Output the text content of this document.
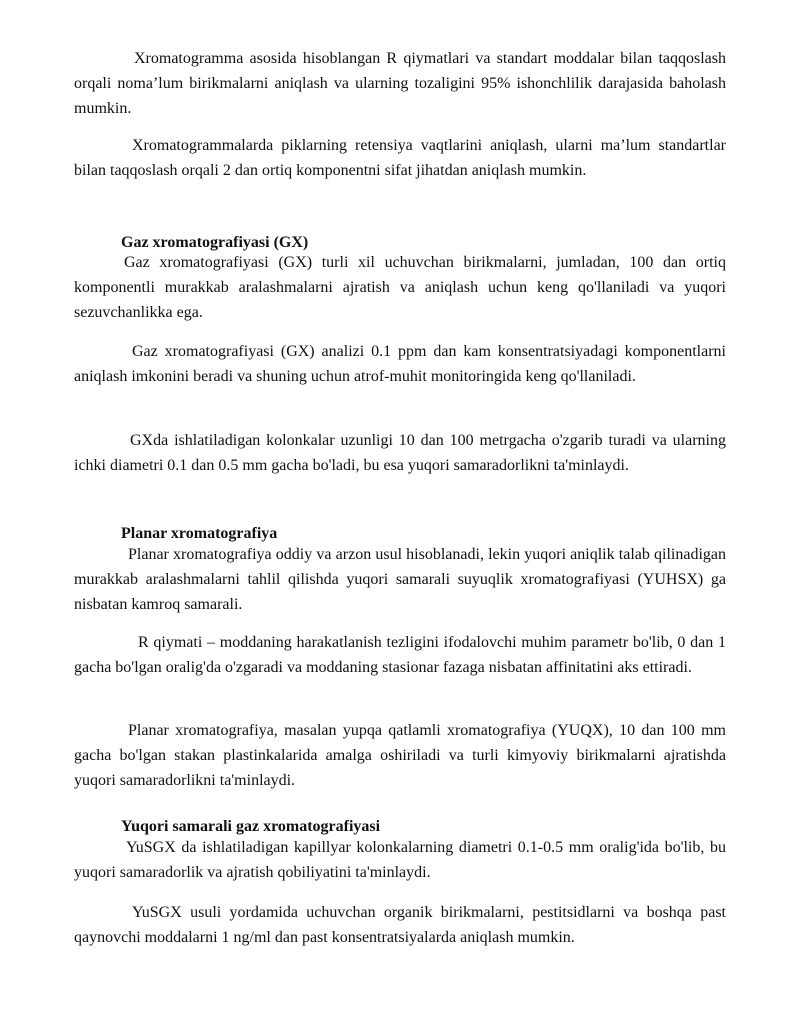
Xromatogramma asosida hisoblangan R qiymatlari va standart moddalar bilan taqqoslash orqali noma’lum birikmalarni aniqlash va ularning tozaligini 95% ishonchlilik darajasida baholash mumkin.

Xromatogrammalarda piklarning retensiya vaqtlarini aniqlash, ularni ma’lum standartlar bilan taqqoslash orqali 2 dan ortiq komponentni sifat jihatdan aniqlash mumkin.

Gaz xromatografiyasi (GX)

Gaz xromatografiyasi (GX) turli xil uchuvchan birikmalarni, jumladan, 100 dan ortiq komponentli murakkab aralashmalarni ajratish va aniqlash uchun keng qo'llaniladi va yuqori sezuvchanlikka ega.

Gaz xromatografiyasi (GX) analizi 0.1 ppm dan kam konsentratsiyadagi komponentlarni aniqlash imkonini beradi va shuning uchun atrof-muhit monitoringida keng qo'llaniladi.

GXda ishlatiladigan kolonkalar uzunligi 10 dan 100 metrgacha o'zgarib turadi va ularning ichki diametri 0.1 dan 0.5 mm gacha bo'ladi, bu esa yuqori samaradorlikni ta'minlaydi.

Planar xromatografiya

Planar xromatografiya oddiy va arzon usul hisoblanadi, lekin yuqori aniqlik talab qilinadigan murakkab aralashmalarni tahlil qilishda yuqori samarali suyuqlik xromatografiyasi (YUHSX) ga nisbatan kamroq samarali.

R qiymati – moddaning harakatlanish tezligini ifodalovchi muhim parametr bo'lib, 0 dan 1 gacha bo'lgan oralig'da o'zgaradi va moddaning stasionar fazaga nisbatan affinitatini aks ettiradi.

Planar xromatografiya, masalan yupqa qatlamli xromatografiya (YUQX), 10 dan 100 mm gacha bo'lgan stakan plastinkalarida amalga oshiriladi va turli kimyoviy birikmalarni ajratishda yuqori samaradorlikni ta'minlaydi.

Yuqori samarali gaz xromatografiyasi

YuSGX da ishlatiladigan kapillyar kolonkalarning diametri 0.1-0.5 mm oralig'ida bo'lib, bu yuqori samaradorlik va ajratish qobiliyatini ta'minlaydi.

YuSGX usuli yordamida uchuvchan organik birikmalarni, pestitsidlarni va boshqa past qaynovchi moddalarni 1 ng/ml dan past konsentratsiyalarda aniqlash mumkin.
